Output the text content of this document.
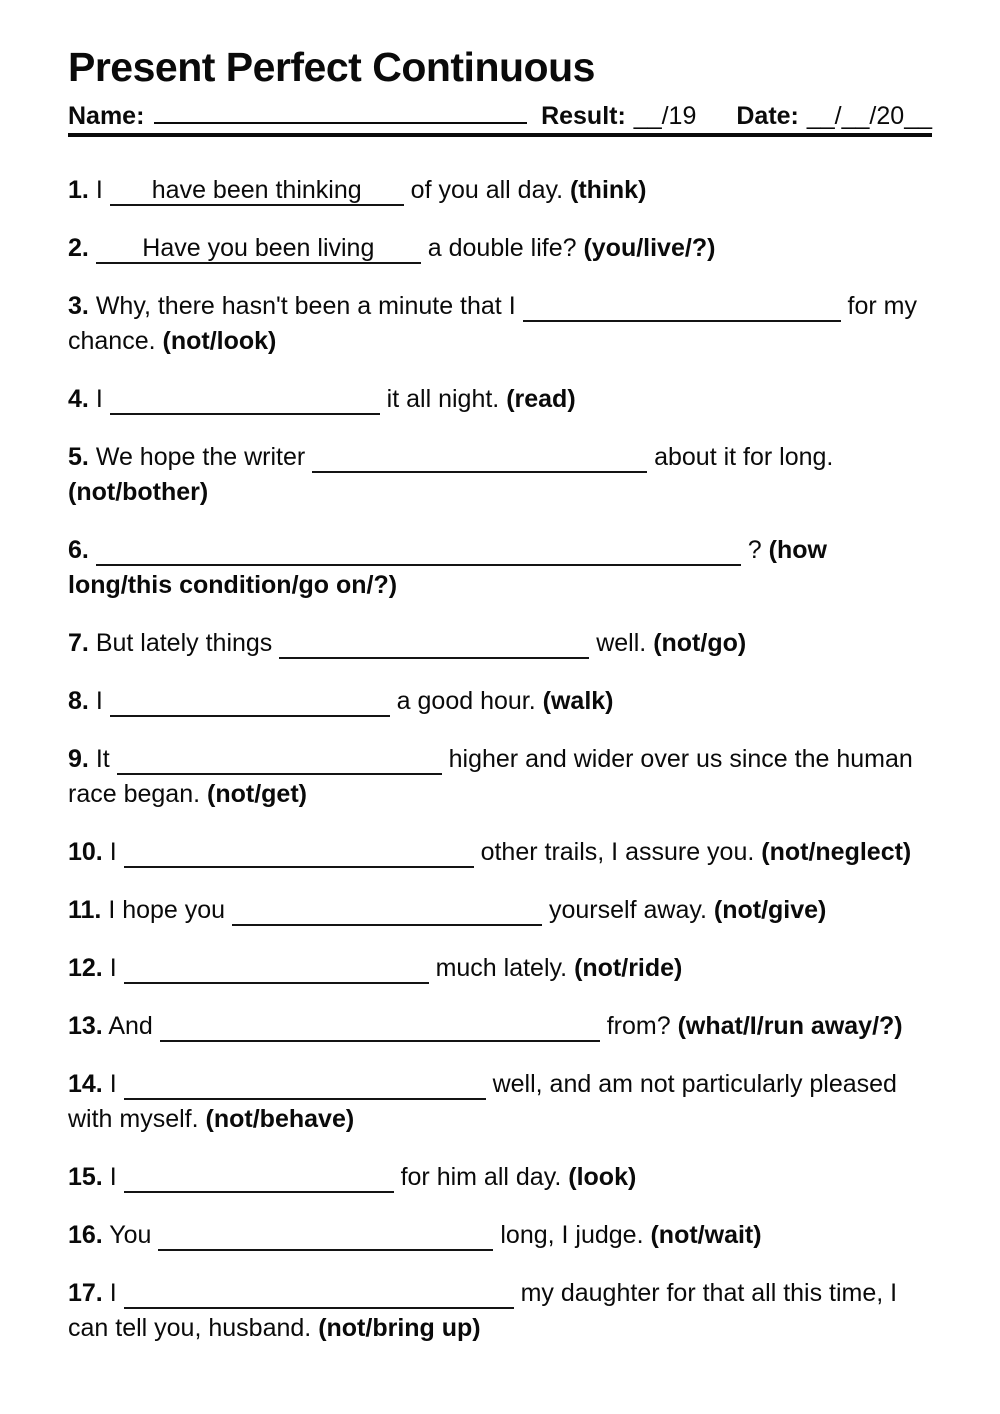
Present Perfect Continuous
Name:	Result: __/19 Date: __/__/20__

1. I have been thinking of you all day. (think)

2. Have you been living a double life? (you/live/?)

3. Why, there hasn't been a minute that I	for my chance. (not/look)

4. I	it all night. (read)

5. We hope the writer	about it for long. (not/bother)

6.	? (how long/this condition/go on/?)

7. But lately things	well. (not/go)

8. I	a good hour. (walk)

9. It	higher and wider over us since the human race began. (not/get)

10. I	other trails, I assure you. (not/neglect)

11. I hope you	yourself away. (not/give)

12. I	much lately. (not/ride)

13. And	from? (what/I/run away/?)

14. I	well, and am not particularly pleased with myself. (not/behave)

15. I	for him all day. (look)

16. You	long, I judge. (not/wait)

17. I	my daughter for that all this time, I can tell you, husband. (not/bring up)
